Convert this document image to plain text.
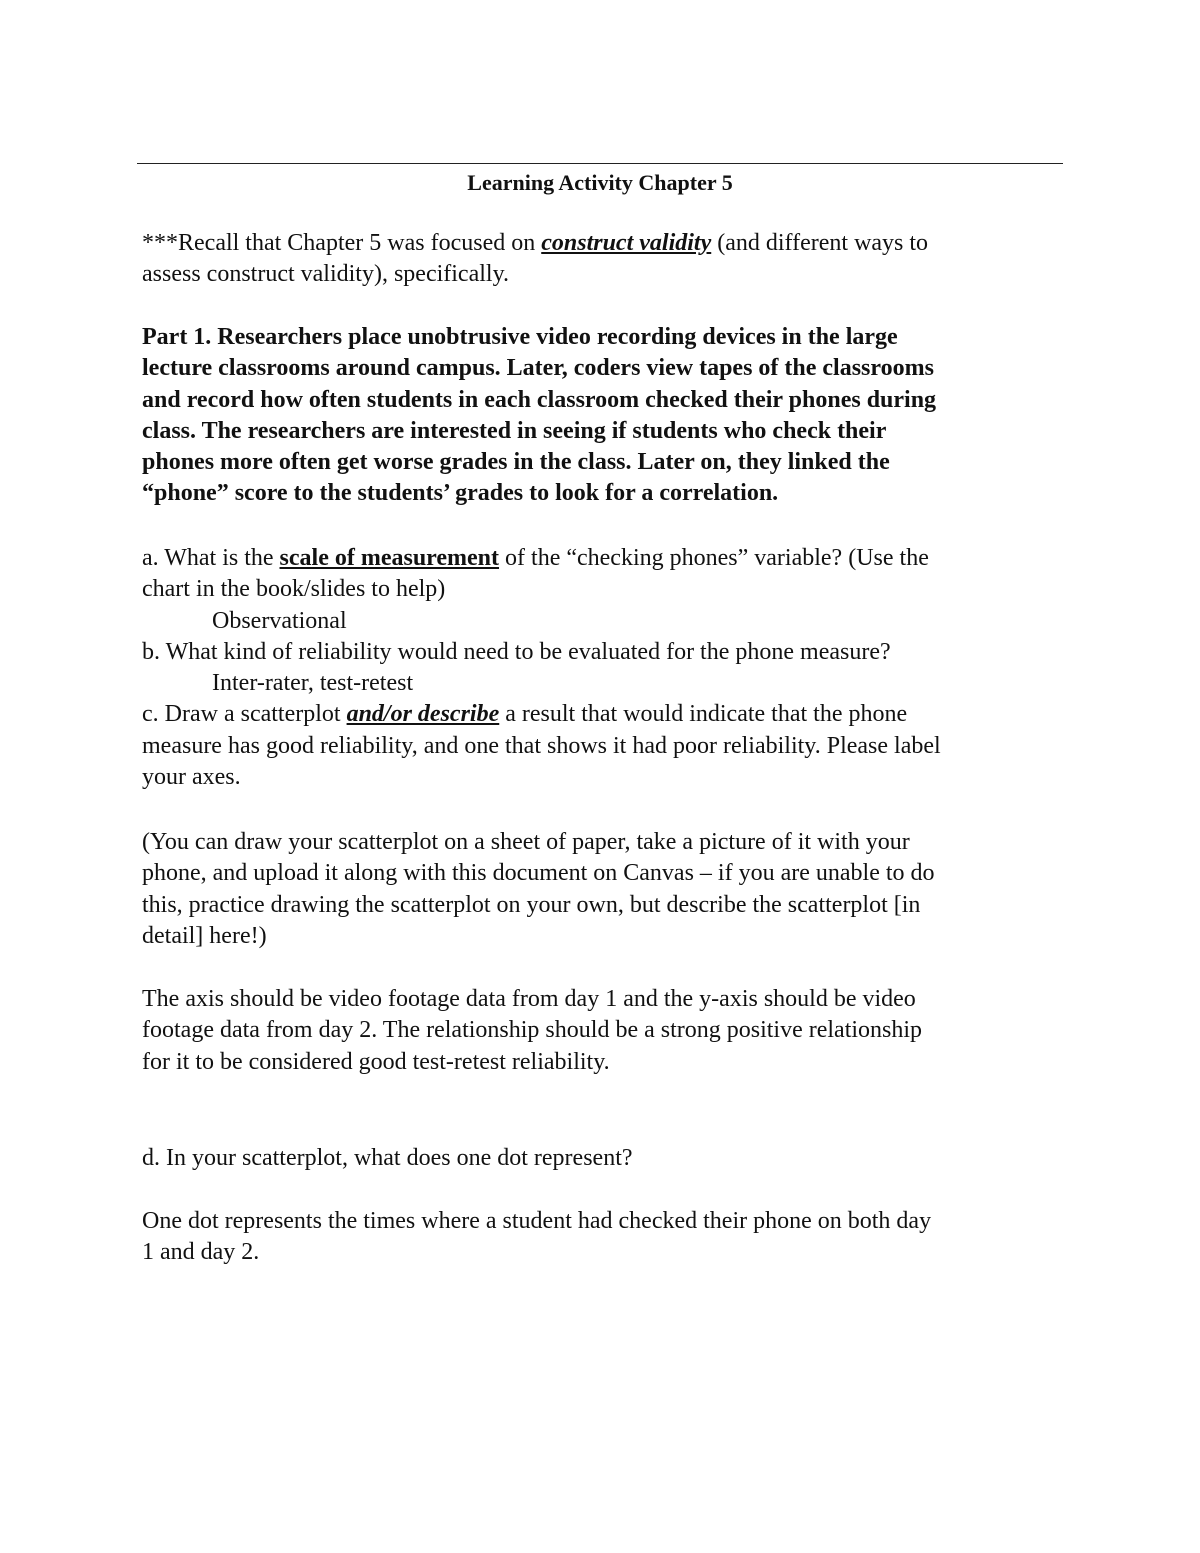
Learning Activity Chapter 5
***Recall that Chapter 5 was focused on construct validity (and different ways to
assess construct validity), specifically.
Part 1. Researchers place unobtrusive video recording devices in the large
lecture classrooms around campus. Later, coders view tapes of the classrooms
and record how often students in each classroom checked their phones during
class. The researchers are interested in seeing if students who check their
phones more often get worse grades in the class. Later on, they linked the
“phone” score to the students’ grades to look for a correlation.
a. What is the scale of measurement of the “checking phones” variable? (Use the
chart in the book/slides to help)
Observational
b. What kind of reliability would need to be evaluated for the phone measure?
Inter-rater, test-retest
c. Draw a scatterplot and/or describe a result that would indicate that the phone
measure has good reliability, and one that shows it had poor reliability. Please label
your axes.
(You can draw your scatterplot on a sheet of paper, take a picture of it with your
phone, and upload it along with this document on Canvas – if you are unable to do
this, practice drawing the scatterplot on your own, but describe the scatterplot [in
detail] here!)
The axis should be video footage data from day 1 and the y-axis should be video
footage data from day 2. The relationship should be a strong positive relationship
for it to be considered good test-retest reliability.
d. In your scatterplot, what does one dot represent?
One dot represents the times where a student had checked their phone on both day
1 and day 2.
